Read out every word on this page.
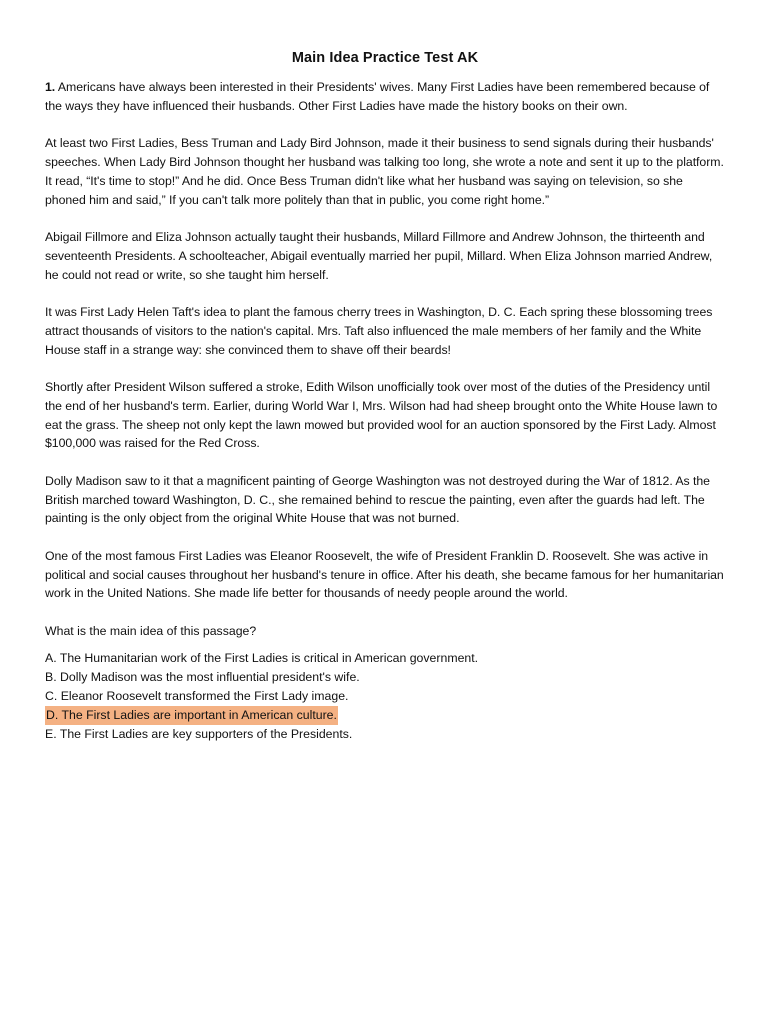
Main Idea Practice Test AK

1. Americans have always been interested in their Presidents' wives. Many First Ladies have been remembered because of the ways they have influenced their husbands. Other First Ladies have made the history books on their own.

At least two First Ladies, Bess Truman and Lady Bird Johnson, made it their business to send signals during their husbands' speeches. When Lady Bird Johnson thought her husband was talking too long, she wrote a note and sent it up to the platform. It read, “It's time to stop!” And he did. Once Bess Truman didn't like what her husband was saying on television, so she phoned him and said,” If you can't talk more politely than that in public, you come right home.”

Abigail Fillmore and Eliza Johnson actually taught their husbands, Millard Fillmore and Andrew Johnson, the thirteenth and seventeenth Presidents. A schoolteacher, Abigail eventually married her pupil, Millard. When Eliza Johnson married Andrew, he could not read or write, so she taught him herself.

It was First Lady Helen Taft's idea to plant the famous cherry trees in Washington, D. C. Each spring these blossoming trees attract thousands of visitors to the nation's capital. Mrs. Taft also influenced the male members of her family and the White House staff in a strange way: she convinced them to shave off their beards!

Shortly after President Wilson suffered a stroke, Edith Wilson unofficially took over most of the duties of the Presidency until the end of her husband's term. Earlier, during World War I, Mrs. Wilson had had sheep brought onto the White House lawn to eat the grass. The sheep not only kept the lawn mowed but provided wool for an auction sponsored by the First Lady. Almost $100,000 was raised for the Red Cross.

Dolly Madison saw to it that a magnificent painting of George Washington was not destroyed during the War of 1812. As the British marched toward Washington, D. C., she remained behind to rescue the painting, even after the guards had left. The painting is the only object from the original White House that was not burned.

One of the most famous First Ladies was Eleanor Roosevelt, the wife of President Franklin D. Roosevelt. She was active in political and social causes throughout her husband's tenure in office. After his death, she became famous for her humanitarian work in the United Nations. She made life better for thousands of needy people around the world.

What is the main idea of this passage?

A. The Humanitarian work of the First Ladies is critical in American government.
B. Dolly Madison was the most influential president's wife.
C. Eleanor Roosevelt transformed the First Lady image.
D. The First Ladies are important in American culture.
E. The First Ladies are key supporters of the Presidents.
